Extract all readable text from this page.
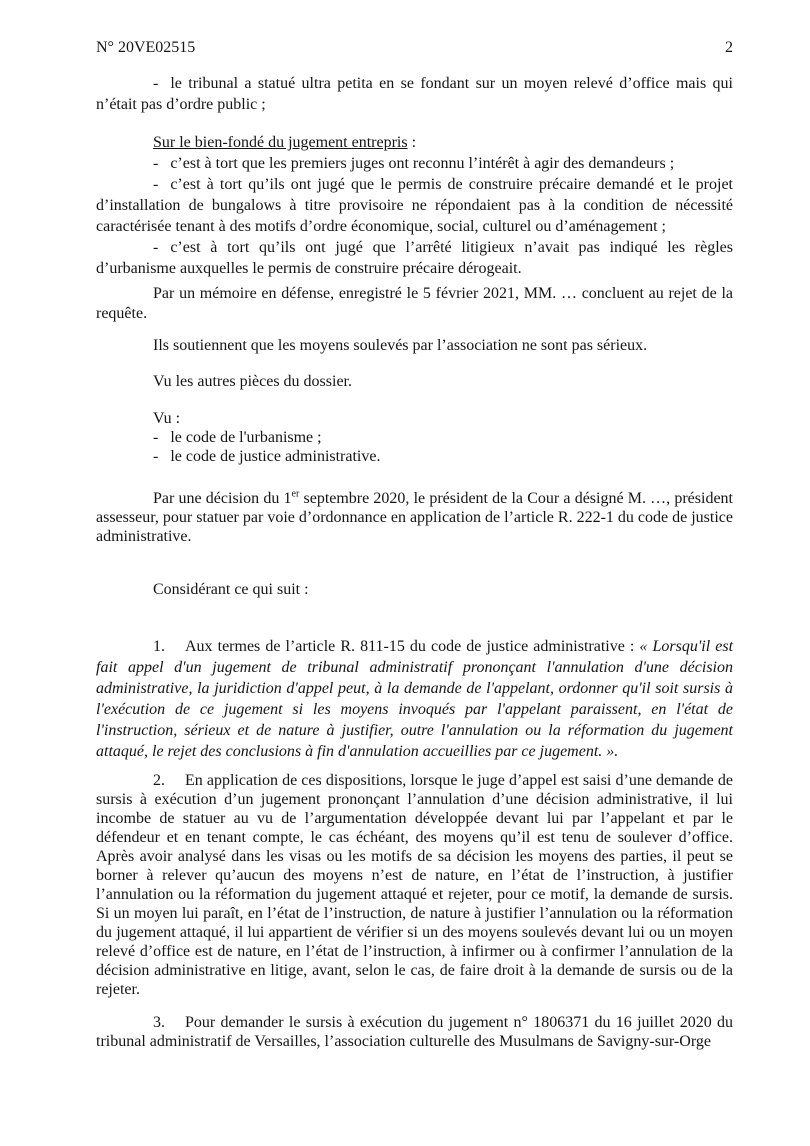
N° 20VE02515	2

- le tribunal a statué ultra petita en se fondant sur un moyen relevé d’office mais qui n’était pas d’ordre public ;

Sur le bien-fondé du jugement entrepris :

- c’est à tort que les premiers juges ont reconnu l’intérêt à agir des demandeurs ;

- c’est à tort qu’ils ont jugé que le permis de construire précaire demandé et le projet d’installation de bungalows à titre provisoire ne répondaient pas à la condition de nécessité caractérisée tenant à des motifs d’ordre économique, social, culturel ou d’aménagement ;

- c’est à tort qu’ils ont jugé que l’arrêté litigieux n’avait pas indiqué les règles d’urbanisme auxquelles le permis de construire précaire dérogeait.

Par un mémoire en défense, enregistré le 5 février 2021, MM. … concluent au rejet de la requête.

Ils soutiennent que les moyens soulevés par l’association ne sont pas sérieux.

Vu les autres pièces du dossier.

Vu :

- le code de l'urbanisme ;

- le code de justice administrative.

Par une décision du 1er septembre 2020, le président de la Cour a désigné M. …, président assesseur, pour statuer par voie d’ordonnance en application de l’article R. 222-1 du code de justice administrative.

Considérant ce qui suit :

1. Aux termes de l’article R. 811-15 du code de justice administrative : « Lorsqu'il est fait appel d'un jugement de tribunal administratif prononçant l'annulation d'une décision administrative, la juridiction d'appel peut, à la demande de l'appelant, ordonner qu'il soit sursis à l'exécution de ce jugement si les moyens invoqués par l'appelant paraissent, en l'état de l'instruction, sérieux et de nature à justifier, outre l'annulation ou la réformation du jugement attaqué, le rejet des conclusions à fin d'annulation accueillies par ce jugement. ».

2. En application de ces dispositions, lorsque le juge d’appel est saisi d’une demande de sursis à exécution d’un jugement prononçant l’annulation d’une décision administrative, il lui incombe de statuer au vu de l’argumentation développée devant lui par l’appelant et par le défendeur et en tenant compte, le cas échéant, des moyens qu’il est tenu de soulever d’office. Après avoir analysé dans les visas ou les motifs de sa décision les moyens des parties, il peut se borner à relever qu’aucun des moyens n’est de nature, en l’état de l’instruction, à justifier l’annulation ou la réformation du jugement attaqué et rejeter, pour ce motif, la demande de sursis. Si un moyen lui paraît, en l’état de l’instruction, de nature à justifier l’annulation ou la réformation du jugement attaqué, il lui appartient de vérifier si un des moyens soulevés devant lui ou un moyen relevé d’office est de nature, en l’état de l’instruction, à infirmer ou à confirmer l’annulation de la décision administrative en litige, avant, selon le cas, de faire droit à la demande de sursis ou de la rejeter.

3. Pour demander le sursis à exécution du jugement n° 1806371 du 16 juillet 2020 du tribunal administratif de Versailles, l’association culturelle des Musulmans de Savigny-sur-Orge
